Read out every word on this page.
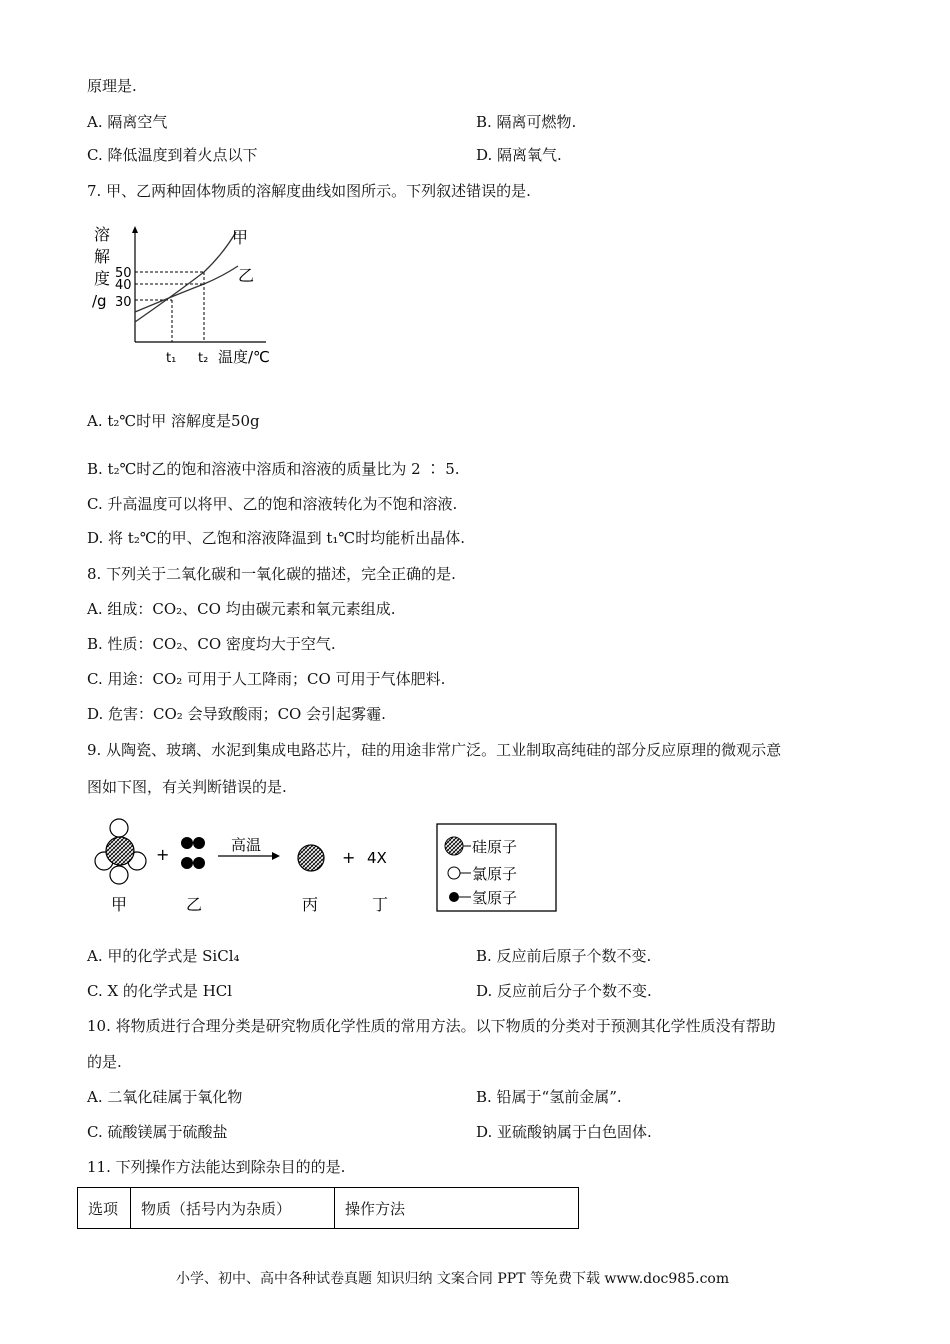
原理是.
A. 隔离空气	B. 隔离可燃物.
C. 降低温度到着火点以下	D. 隔离氧气.
7. 甲、乙两种固体物质的溶解度曲线如图所示。下列叙述错误的是.
溶
解
度
/g
50
40
30
t₁ t₂ 温度/℃
甲
乙
A. t₂℃时甲 溶解度是50g
B. t₂℃时乙的饱和溶液中溶质和溶液的质量比为 2 ∶ 5.
C. 升高温度可以将甲、乙的饱和溶液转化为不饱和溶液.
D. 将 t₂℃的甲、乙饱和溶液降温到 t₁℃时均能析出晶体.
8. 下列关于二氧化碳和一氧化碳的描述，完全正确的是.
A. 组成：CO₂、CO 均由碳元素和氧元素组成.
B. 性质：CO₂、CO 密度均大于空气.
C. 用途：CO₂ 可用于人工降雨；CO 可用于气体肥料.
D. 危害：CO₂ 会导致酸雨；CO 会引起雾霾.
9. 从陶瓷、玻璃、水泥到集成电路芯片，硅的用途非常广泛。工业制取高纯硅的部分反应原理的微观示意
图如下图，有关判断错误的是.
+	高温
+ 4X
甲	乙	丙	丁
硅原子
氯原子
氢原子
A. 甲的化学式是 SiCl₄	B. 反应前后原子个数不变.
C. X 的化学式是 HCl	D. 反应前后分子个数不变.
10. 将物质进行合理分类是研究物质化学性质的常用方法。以下物质的分类对于预测其化学性质没有帮助
的是.
A. 二氧化硅属于氧化物	B. 铅属于“氢前金属”.
C. 硫酸镁属于硫酸盐	D. 亚硫酸钠属于白色固体.
11. 下列操作方法能达到除杂目的的是.
选项	物质（括号内为杂质）	操作方法
小学、初中、高中各种试卷真题 知识归纳 文案合同 PPT 等免费下载 www.doc985.com
